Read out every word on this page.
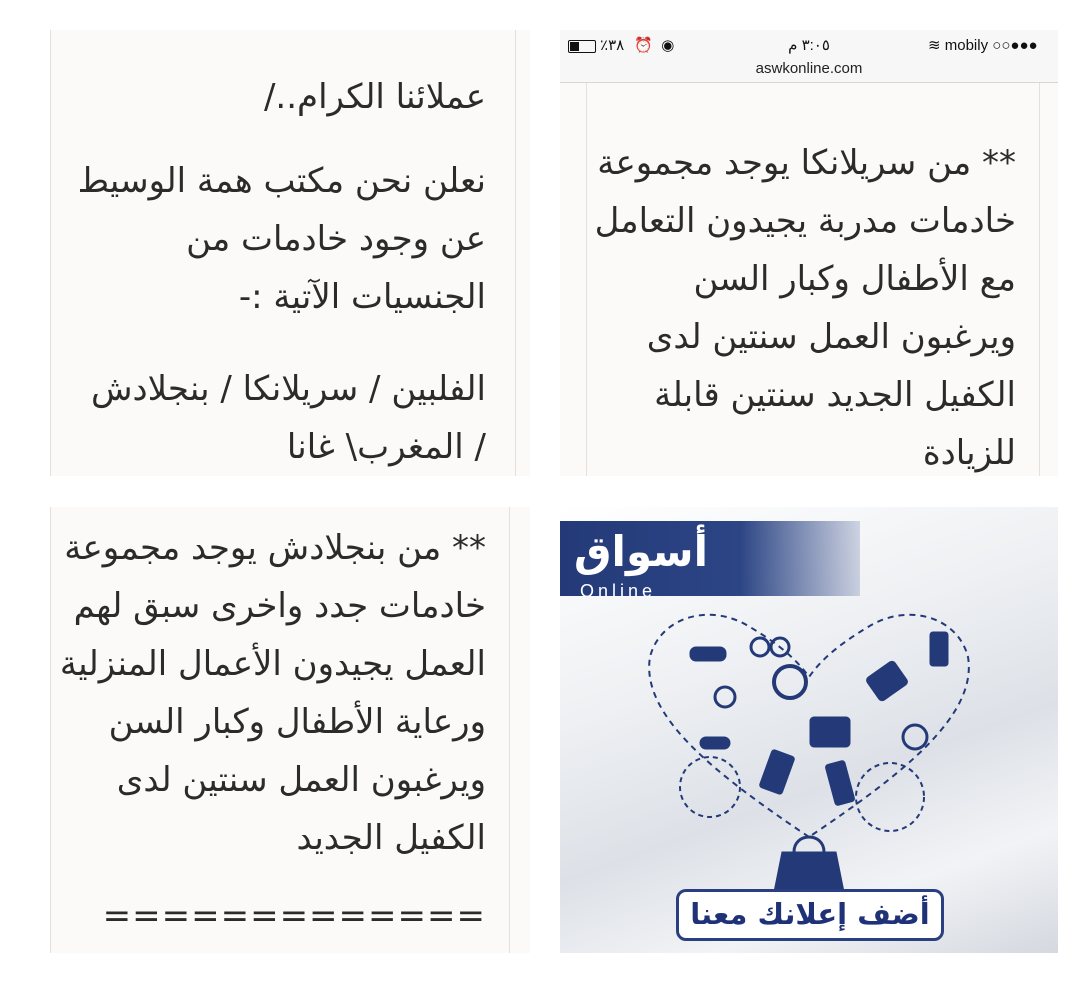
عملائنا الكرام../
نعلن نحن مكتب همة الوسيط
عن وجود خادمات من
الجنسيات الآتية :-
الفلبين / سريلانكا / بنجلادش
/ المغرب\ غانا
** من سريلانكا يوجد مجموعة
خادمات مدربة يجيدون التعامل
مع الأطفال وكبار السن
ويرغبون العمل سنتين لدى
الكفيل الجديد سنتين قابلة
للزيادة
٪٣٨ ⏰ ◉	٣:٠٥ م	≋ mobily ○○●●●
aswkonline.com
** من بنجلادش يوجد مجموعة
خادمات جدد واخرى سبق لهم
العمل يجيدون الأعمال المنزلية
ورعاية الأطفال وكبار السن
ويرغبون العمل سنتين لدى
الكفيل الجديد
=============
أسواق
Online
أضف إعلانك معنا
